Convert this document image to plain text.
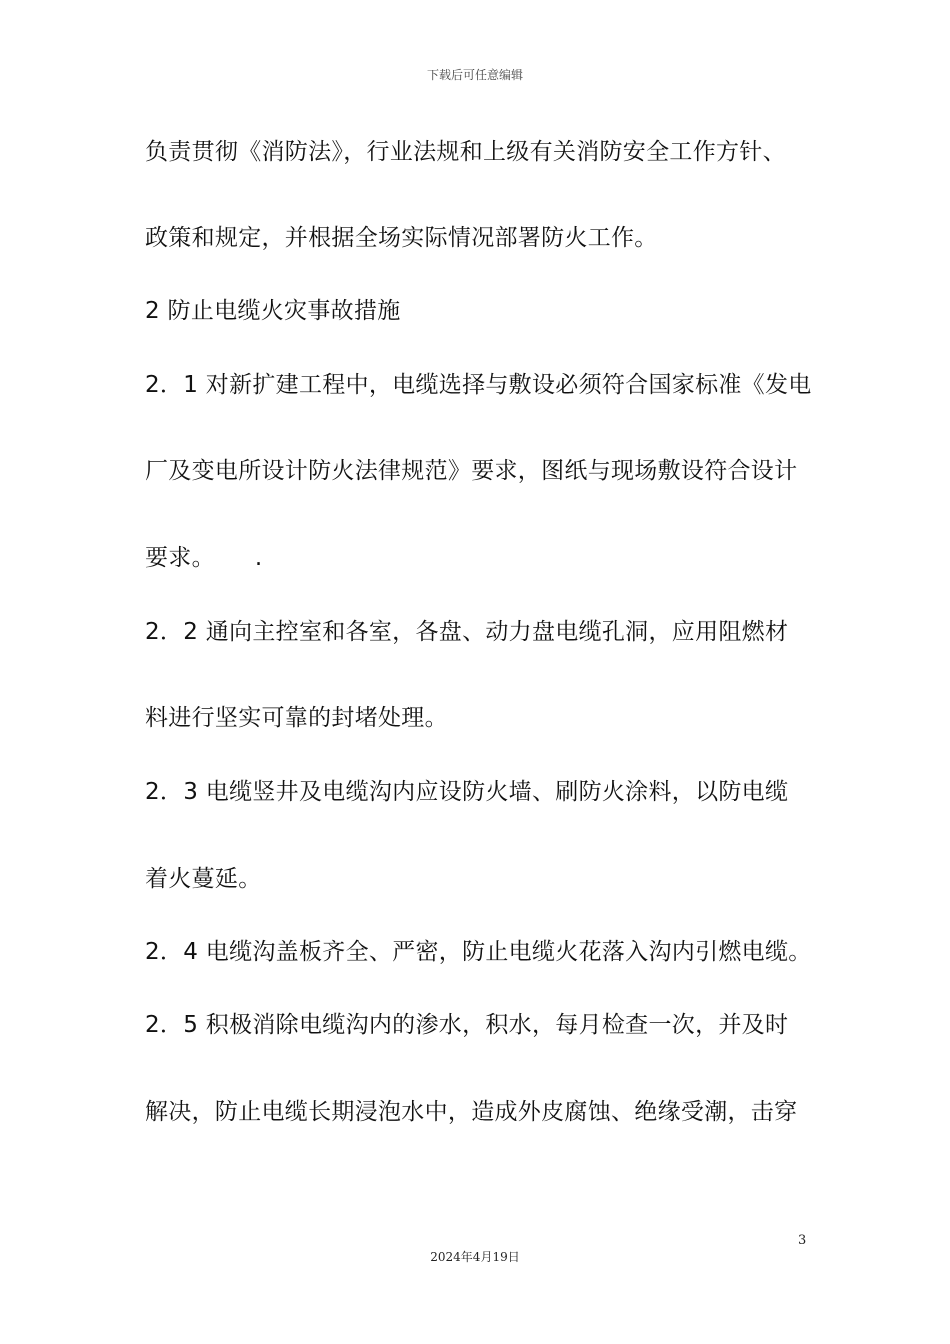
下载后可任意编辑
负责贯彻《消防法》，行业法规和上级有关消防安全工作方针、
政策和规定，并根据全场实际情况部署防火工作。
2 防止电缆火灾事故措施
2．1 对新扩建工程中，电缆选择与敷设必须符合国家标准《发电
厂及变电所设计防火法律规范》要求，图纸与现场敷设符合设计
要求。 .
2．2 通向主控室和各室，各盘、动力盘电缆孔洞，应用阻燃材
料进行坚实可靠的封堵处理。
2．3 电缆竖井及电缆沟内应设防火墙、刷防火涂料，以防电缆
着火蔓延。
2．4 电缆沟盖板齐全、严密，防止电缆火花落入沟内引燃电缆。
2．5 积极消除电缆沟内的渗水，积水，每月检查一次，并及时
解决，防止电缆长期浸泡水中，造成外皮腐蚀、绝缘受潮，击穿
3
2024年4月19日
